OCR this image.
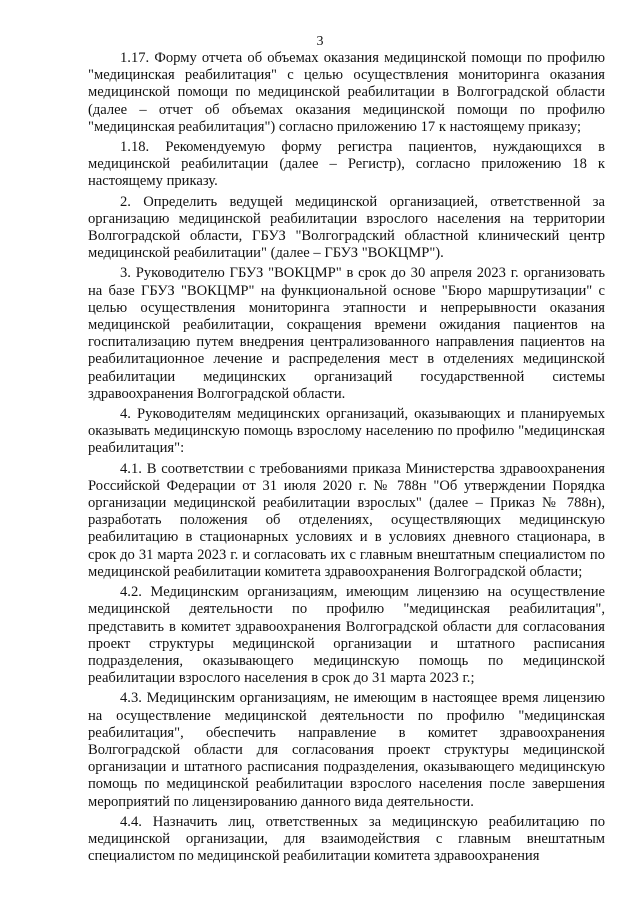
3

1.17. Форму отчета об объемах оказания медицинской помощи по профилю "медицинская реабилитация" с целью осуществления мониторинга оказания медицинской помощи по медицинской реабилитации в Волгоградской области (далее – отчет об объемах оказания медицинской помощи по профилю "медицинская реабилитация") согласно приложению 17 к настоящему приказу;

1.18. Рекомендуемую форму регистра пациентов, нуждающихся в медицинской реабилитации (далее – Регистр), согласно приложению 18 к настоящему приказу.

2. Определить ведущей медицинской организацией, ответственной за организацию медицинской реабилитации взрослого населения на территории Волгоградской области, ГБУЗ "Волгоградский областной клинический центр медицинской реабилитации" (далее – ГБУЗ "ВОКЦМР").

3. Руководителю ГБУЗ "ВОКЦМР" в срок до 30 апреля 2023 г. организовать на базе ГБУЗ "ВОКЦМР" на функциональной основе "Бюро маршрутизации" с целью осуществления мониторинга этапности и непрерывности оказания медицинской реабилитации, сокращения времени ожидания пациентов на госпитализацию путем внедрения централизованного направления пациентов на реабилитационное лечение и распределения мест в отделениях медицинской реабилитации медицинских организаций государственной системы здравоохранения Волгоградской области.

4. Руководителям медицинских организаций, оказывающих и планируемых оказывать медицинскую помощь взрослому населению по профилю "медицинская реабилитация":

4.1. В соответствии с требованиями приказа Министерства здравоохранения Российской Федерации от 31 июля 2020 г. № 788н "Об утверждении Порядка организации медицинской реабилитации взрослых" (далее – Приказ № 788н), разработать положения об отделениях, осуществляющих медицинскую реабилитацию в стационарных условиях и в условиях дневного стационара, в срок до 31 марта 2023 г. и согласовать их с главным внештатным специалистом по медицинской реабилитации комитета здравоохранения Волгоградской области;

4.2. Медицинским организациям, имеющим лицензию на осуществление медицинской деятельности по профилю "медицинская реабилитация", представить в комитет здравоохранения Волгоградской области для согласования проект структуры медицинской организации и штатного расписания подразделения, оказывающего медицинскую помощь по медицинской реабилитации взрослого населения в срок до 31 марта 2023 г.;

4.3. Медицинским организациям, не имеющим в настоящее время лицензию на осуществление медицинской деятельности по профилю "медицинская реабилитация", обеспечить направление в комитет здравоохранения Волгоградской области для согласования проект структуры медицинской организации и штатного расписания подразделения, оказывающего медицинскую помощь по медицинской реабилитации взрослого населения после завершения мероприятий по лицензированию данного вида деятельности.

4.4. Назначить лиц, ответственных за медицинскую реабилитацию по медицинской организации, для взаимодействия с главным внештатным специалистом по медицинской реабилитации комитета здравоохранения
